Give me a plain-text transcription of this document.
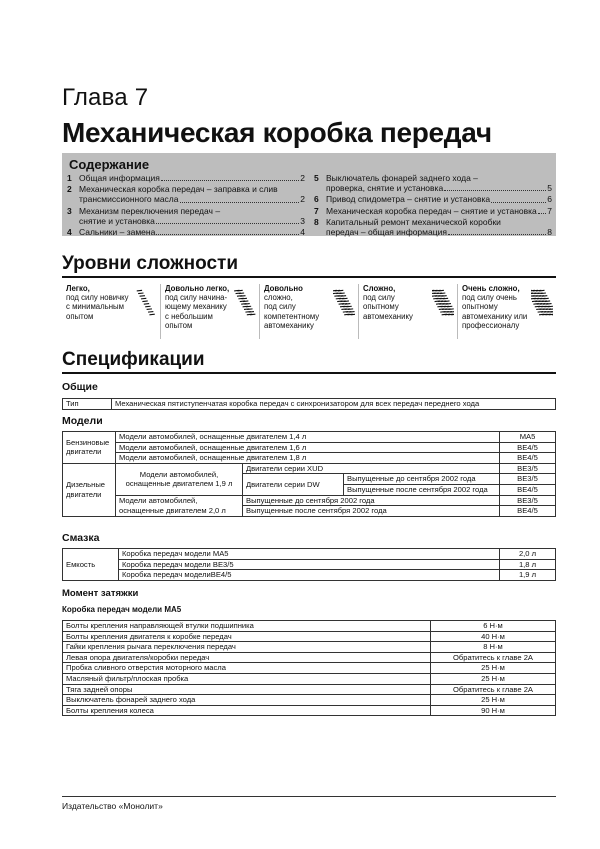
Глава 7
Механическая коробка передач
Содержание
1 Общая информация	2
2 Механическая коробка передач – заправка и слив
трансмиссионного масла	2
3 Механизм переключения передач –
снятие и установка	3
4 Сальники – замена	4
5 Выключатель фонарей заднего хода –
проверка, снятие и установка	5
6 Привод спидометра – снятие и установка	6
7 Механическая коробка передач – снятие и установка 7
8 Капитальный ремонт механической коробки
передач – общая информация	8
Уровни сложности
Легко,
под силу новичку
с минимальным
опытом
Довольно легко,
под силу начина-
ющему механику
с небольшим
опытом
Довольно
сложно,
под силу
компетентному
автомеханику
Сложно,
под силу
опытному
автомеханику
Очень сложно,
под силу очень
опытному
автомеханику или
профессионалу
Спецификации
Общие
Тип	Механическая пятиступенчатая коробка передач с синхронизатором для всех передач переднего хода
Модели
Бензиновые двигатели	Модели автомобилей, оснащенные двигателем 1,4 л			MA5
	Модели автомобилей, оснащенные двигателем 1,6 л			BE4/5
	Модели автомобилей, оснащенные двигателем 1,8 л			BE4/5
Дизельные двигатели	Модели автомобилей, оснащенные двигателем 1,9 л	Двигатели серии XUD		BE3/5
		Двигатели серии DW	Выпущенные до сентября 2002 года	BE3/5
			Выпущенные после сентября 2002 года	BE4/5
	Модели автомобилей, оснащенные двигателем 2,0 л	Выпущенные до сентября 2002 года		BE3/5
		Выпущенные после сентября 2002 года		BE4/5
Смазка
Емкость	Коробка передач модели MA5	2,0 л
	Коробка передач модели BE3/5	1,8 л
	Коробка передач моделиBE4/5	1,9 л
Момент затяжки
Коробка передач модели MA5
Болты крепления направляющей втулки подшипника	6 Н·м
Болты крепления двигателя к коробке передач	40 Н·м
Гайки крепления рычага переключения передач	8 Н·м
Левая опора двигателя/коробки передач	Обратитесь к главе 2А
Пробка сливного отверстия моторного масла	25 Н·м
Масляный фильтр/плоская пробка	25 Н·м
Тяга задней опоры	Обратитесь к главе 2А
Выключатель фонарей заднего хода	25 Н·м
Болты крепления колеса	90 Н·м
Издательство «Монолит»
